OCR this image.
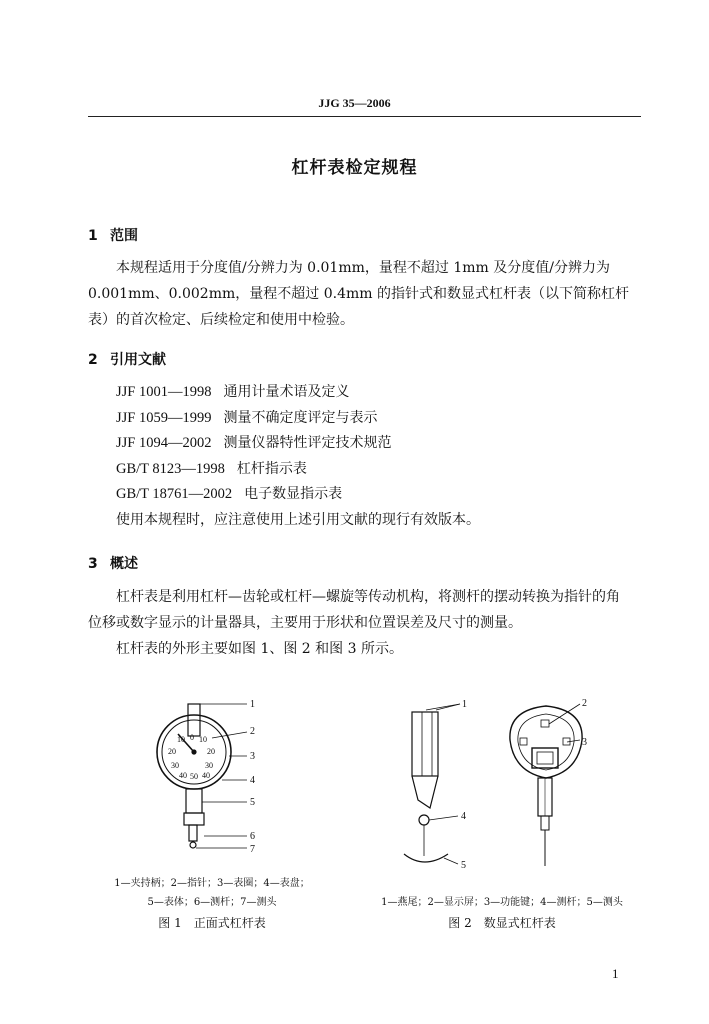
JJG 35—2006
杠杆表检定规程
1 范围
本规程适用于分度值/分辨力为 0.01mm，量程不超过 1mm 及分度值/分辨力为
0.001mm、0.002mm，量程不超过 0.4mm 的指针式和数显式杠杆表（以下简称杠杆
表）的首次检定、后续检定和使用中检验。
2 引用文献
JJF 1001—1998 通用计量术语及定义
JJF 1059—1999 测量不确定度评定与表示
JJF 1094—2002 测量仪器特性评定技术规范
GB/T 8123—1998 杠杆指示表
GB/T 18761—2002 电子数显指示表
使用本规程时，应注意使用上述引用文献的现行有效版本。
3 概述
杠杆表是利用杠杆—齿轮或杠杆—螺旋等传动机构，将测杆的摆动转换为指针的角
位移或数字显示的计量器具，主要用于形状和位置误差及尺寸的测量。
杠杆表的外形主要如图 1、图 2 和图 3 所示。
10 0 10
20	20
30	30
40 50 40
1
2
3
4
5
6
7
1
4
5
2
3
1—夹持柄；2—指针；3—表圈；4—表盘；
5—表体；6—测杆；7—测头
图 1　正面式杠杆表
1—燕尾；2—显示屏；3—功能键；4—测杆；5—测头
图 2　数显式杠杆表
1
